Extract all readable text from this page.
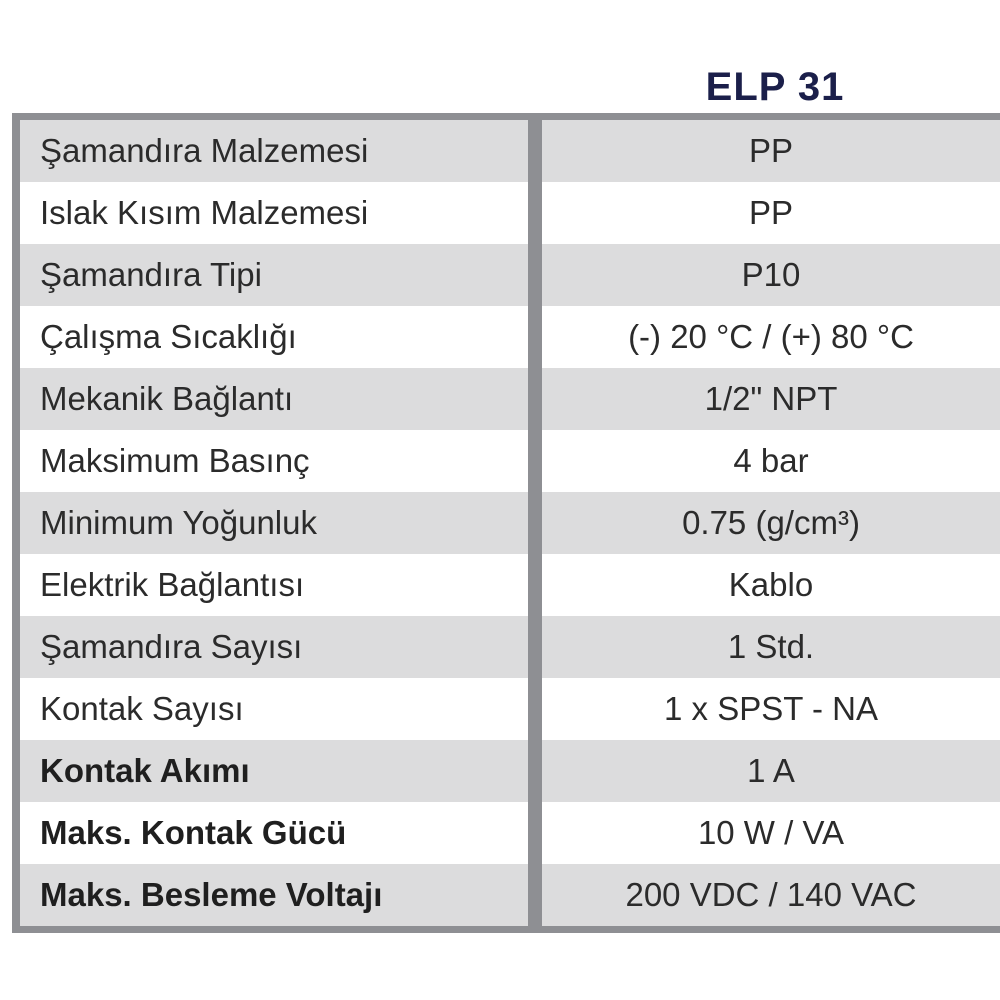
ELP 31
Şamandıra Malzemesi	PP
Islak Kısım Malzemesi	PP
Şamandıra Tipi	P10
Çalışma Sıcaklığı	(-) 20 °C / (+) 80 °C
Mekanik Bağlantı	1/2" NPT
Maksimum Basınç	4 bar
Minimum Yoğunluk	0.75 (g/cm³)
Elektrik Bağlantısı	Kablo
Şamandıra Sayısı	1 Std.
Kontak Sayısı	1 x SPST - NA
Kontak Akımı	1 A
Maks. Kontak Gücü	10 W / VA
Maks. Besleme Voltajı	200 VDC / 140 VAC
